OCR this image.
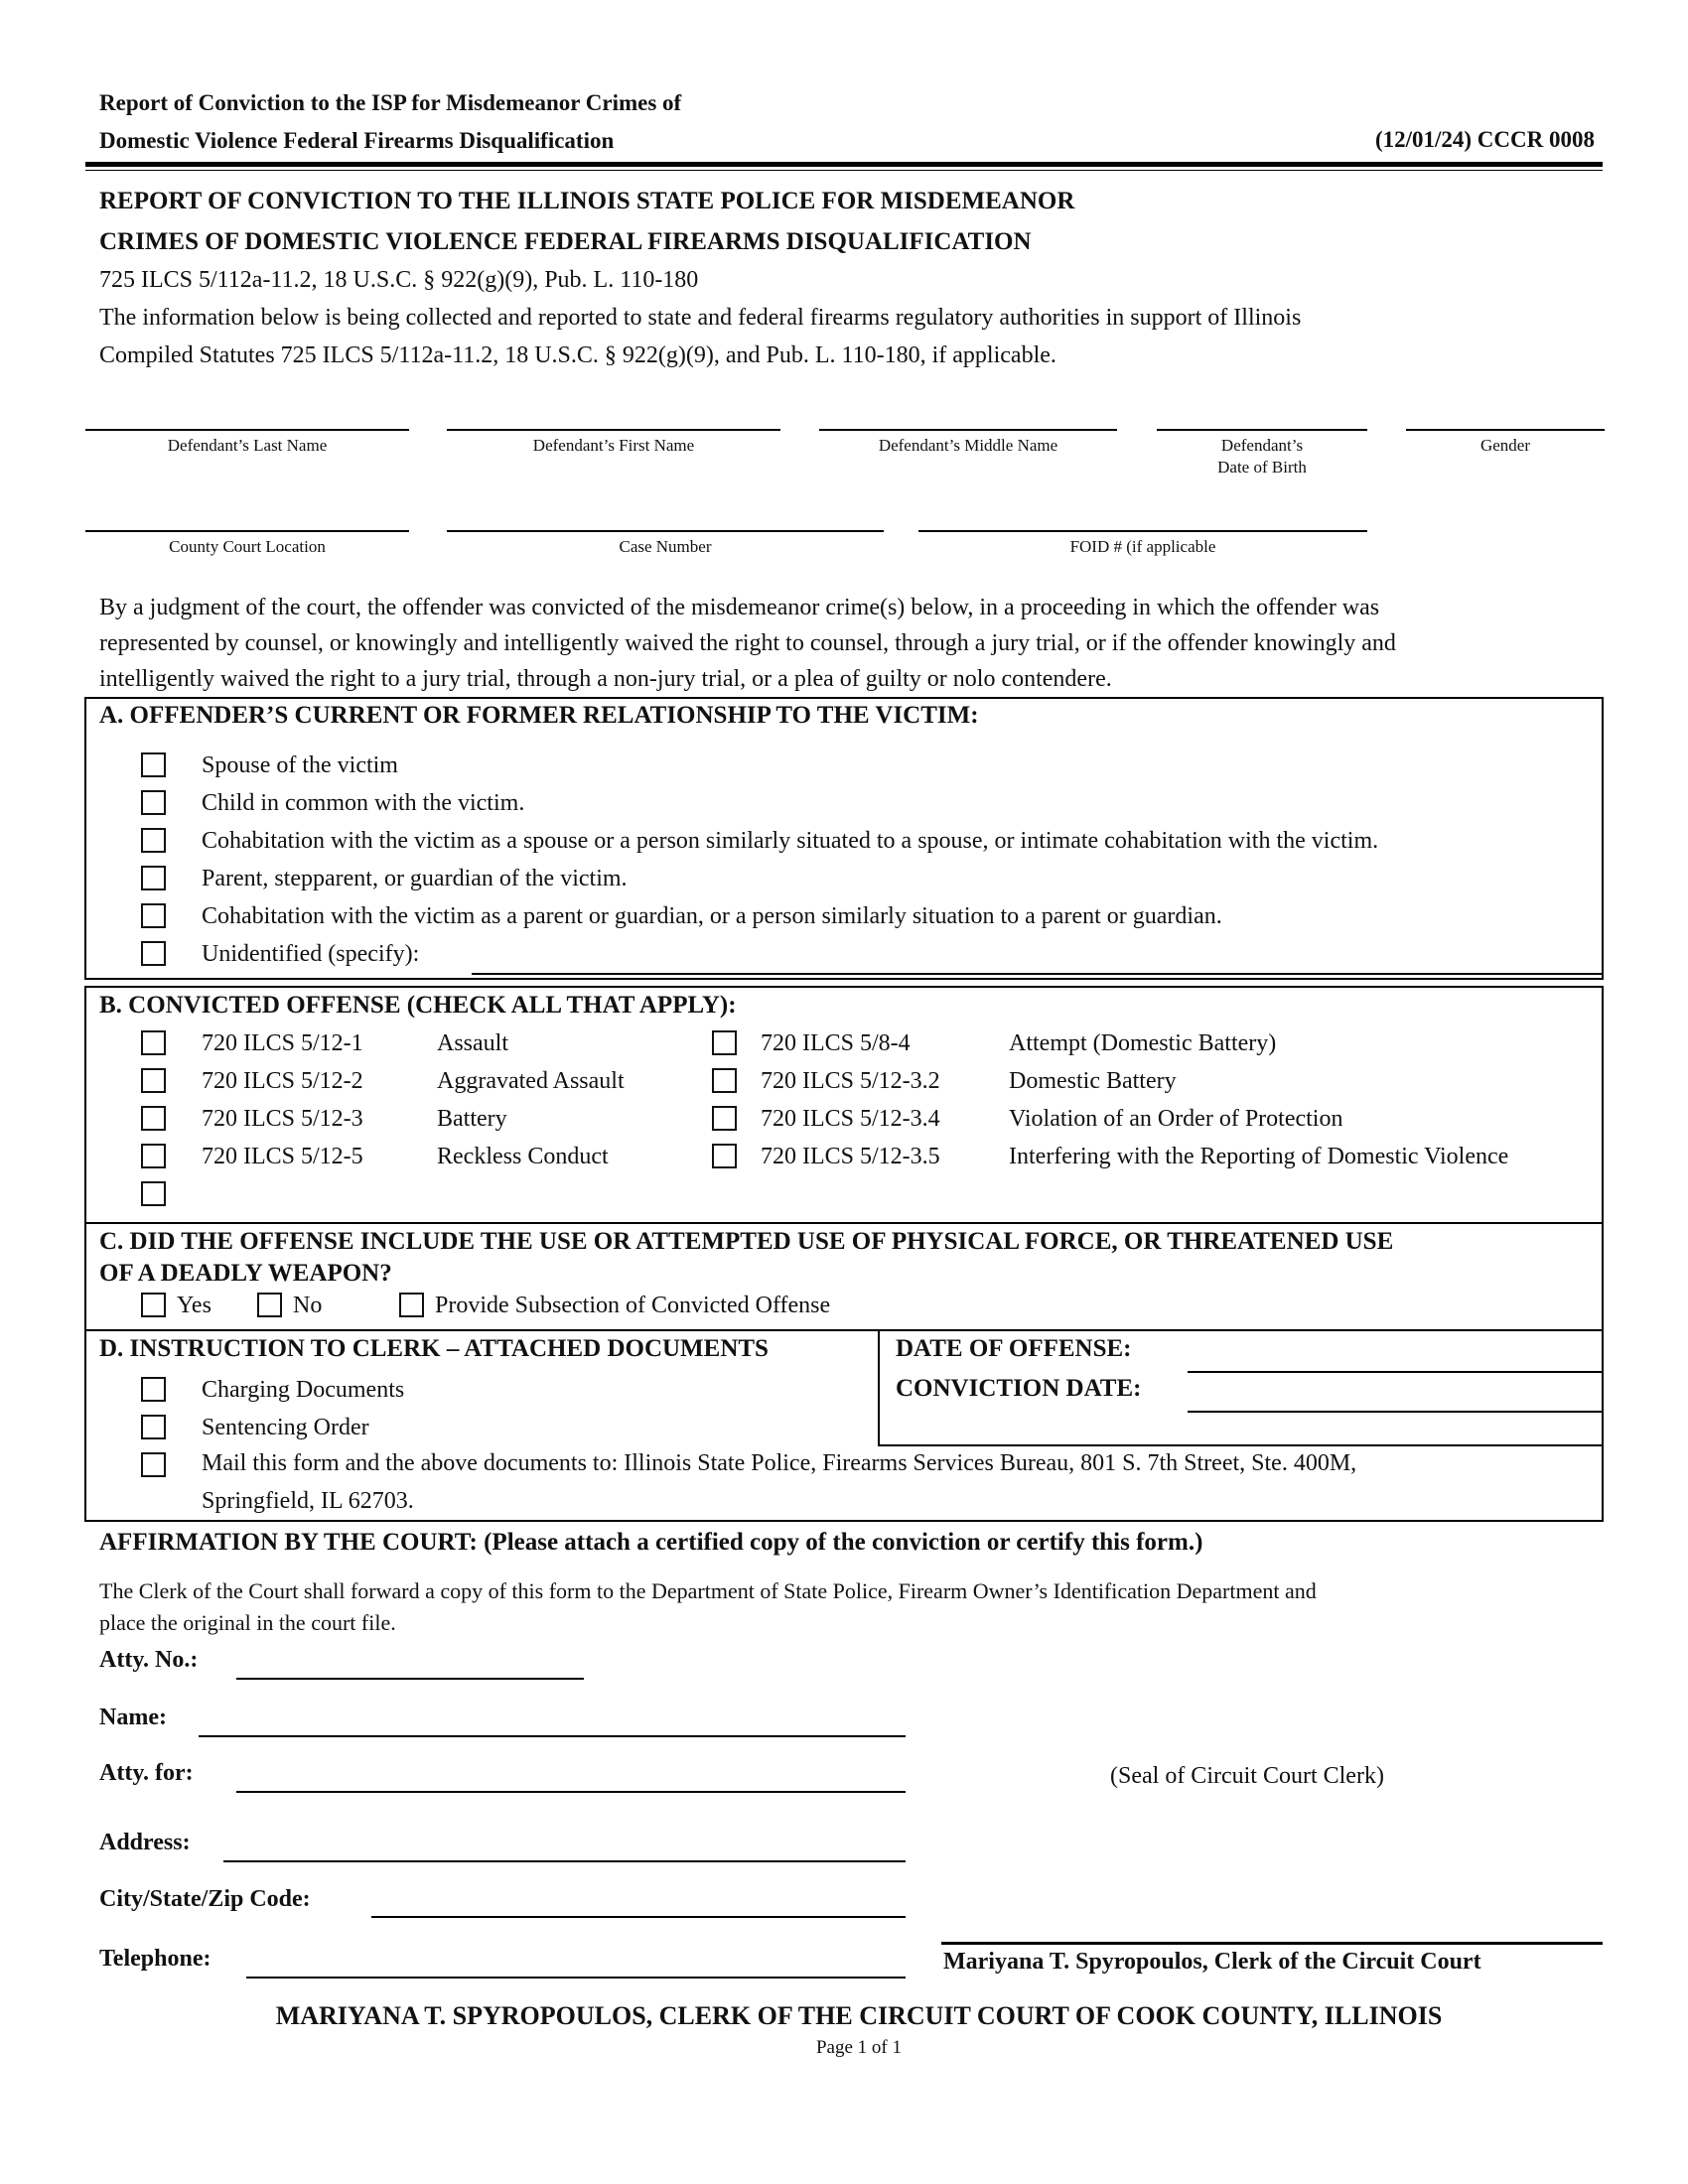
Report of Conviction to the ISP for Misdemeanor Crimes of
Domestic Violence Federal Firearms Disqualification	(12/01/24) CCCR 0008
REPORT OF CONVICTION TO THE ILLINOIS STATE POLICE FOR MISDEMEANOR
CRIMES OF DOMESTIC VIOLENCE FEDERAL FIREARMS DISQUALIFICATION
725 ILCS 5/112a-11.2, 18 U.S.C. § 922(g)(9), Pub. L. 110-180
The information below is being collected and reported to state and federal firearms regulatory authorities in support of Illinois
Compiled Statutes 725 ILCS 5/112a-11.2, 18 U.S.C. § 922(g)(9), and Pub. L. 110-180, if applicable.
Defendant’s Last Name	Defendant’s First Name	Defendant’s Middle Name	Defendant’s
Date of Birth
Gender
County Court Location	Case Number	FOID # (if applicable
By a judgment of the court, the offender was convicted of the misdemeanor crime(s) below, in a proceeding in which the offender was
represented by counsel, or knowingly and intelligently waived the right to counsel, through a jury trial, or if the offender knowingly and
intelligently waived the right to a jury trial, through a non-jury trial, or a plea of guilty or nolo contendere.
A. OFFENDER’S CURRENT OR FORMER RELATIONSHIP TO THE VICTIM:
Spouse of the victim
Child in common with the victim.
Cohabitation with the victim as a spouse or a person similarly situated to a spouse, or intimate cohabitation with the victim.
Parent, stepparent, or guardian of the victim.
Cohabitation with the victim as a parent or guardian, or a person similarly situation to a parent or guardian.
Unidentified (specify):
B. CONVICTED OFFENSE (CHECK ALL THAT APPLY):
720 ILCS 5/12-1	Assault
720 ILCS 5/12-2	Aggravated Assault
720 ILCS 5/12-3	Battery
720 ILCS 5/12-5	Reckless Conduct
720 ILCS 5/8-4	Attempt (Domestic Battery)
720 ILCS 5/12-3.2	Domestic Battery
720 ILCS 5/12-3.4	Violation of an Order of Protection
720 ILCS 5/12-3.5	Interfering with the Reporting of Domestic Violence
C. DID THE OFFENSE INCLUDE THE USE OR ATTEMPTED USE OF PHYSICAL FORCE, OR THREATENED USE
OF A DEADLY WEAPON?
Yes	No	Provide Subsection of Convicted Offense
D. INSTRUCTION TO CLERK – ATTACHED DOCUMENTS	DATE OF OFFENSE:
CONVICTION DATE:
Charging Documents
Sentencing Order
Mail this form and the above documents to: Illinois State Police, Firearms Services Bureau, 801 S. 7th Street, Ste. 400M,
Springfield, IL 62703.
AFFIRMATION BY THE COURT: (Please attach a certified copy of the conviction or certify this form.)
The Clerk of the Court shall forward a copy of this form to the Department of State Police, Firearm Owner’s Identification Department and
place the original in the court file.
Atty. No.:
Name:
Atty. for:
Address:
City/State/Zip Code:
Telephone:
(Seal of Circuit Court Clerk)
Mariyana T. Spyropoulos, Clerk of the Circuit Court
MARIYANA T. SPYROPOULOS, CLERK OF THE CIRCUIT COURT OF COOK COUNTY, ILLINOIS
Page 1 of 1
